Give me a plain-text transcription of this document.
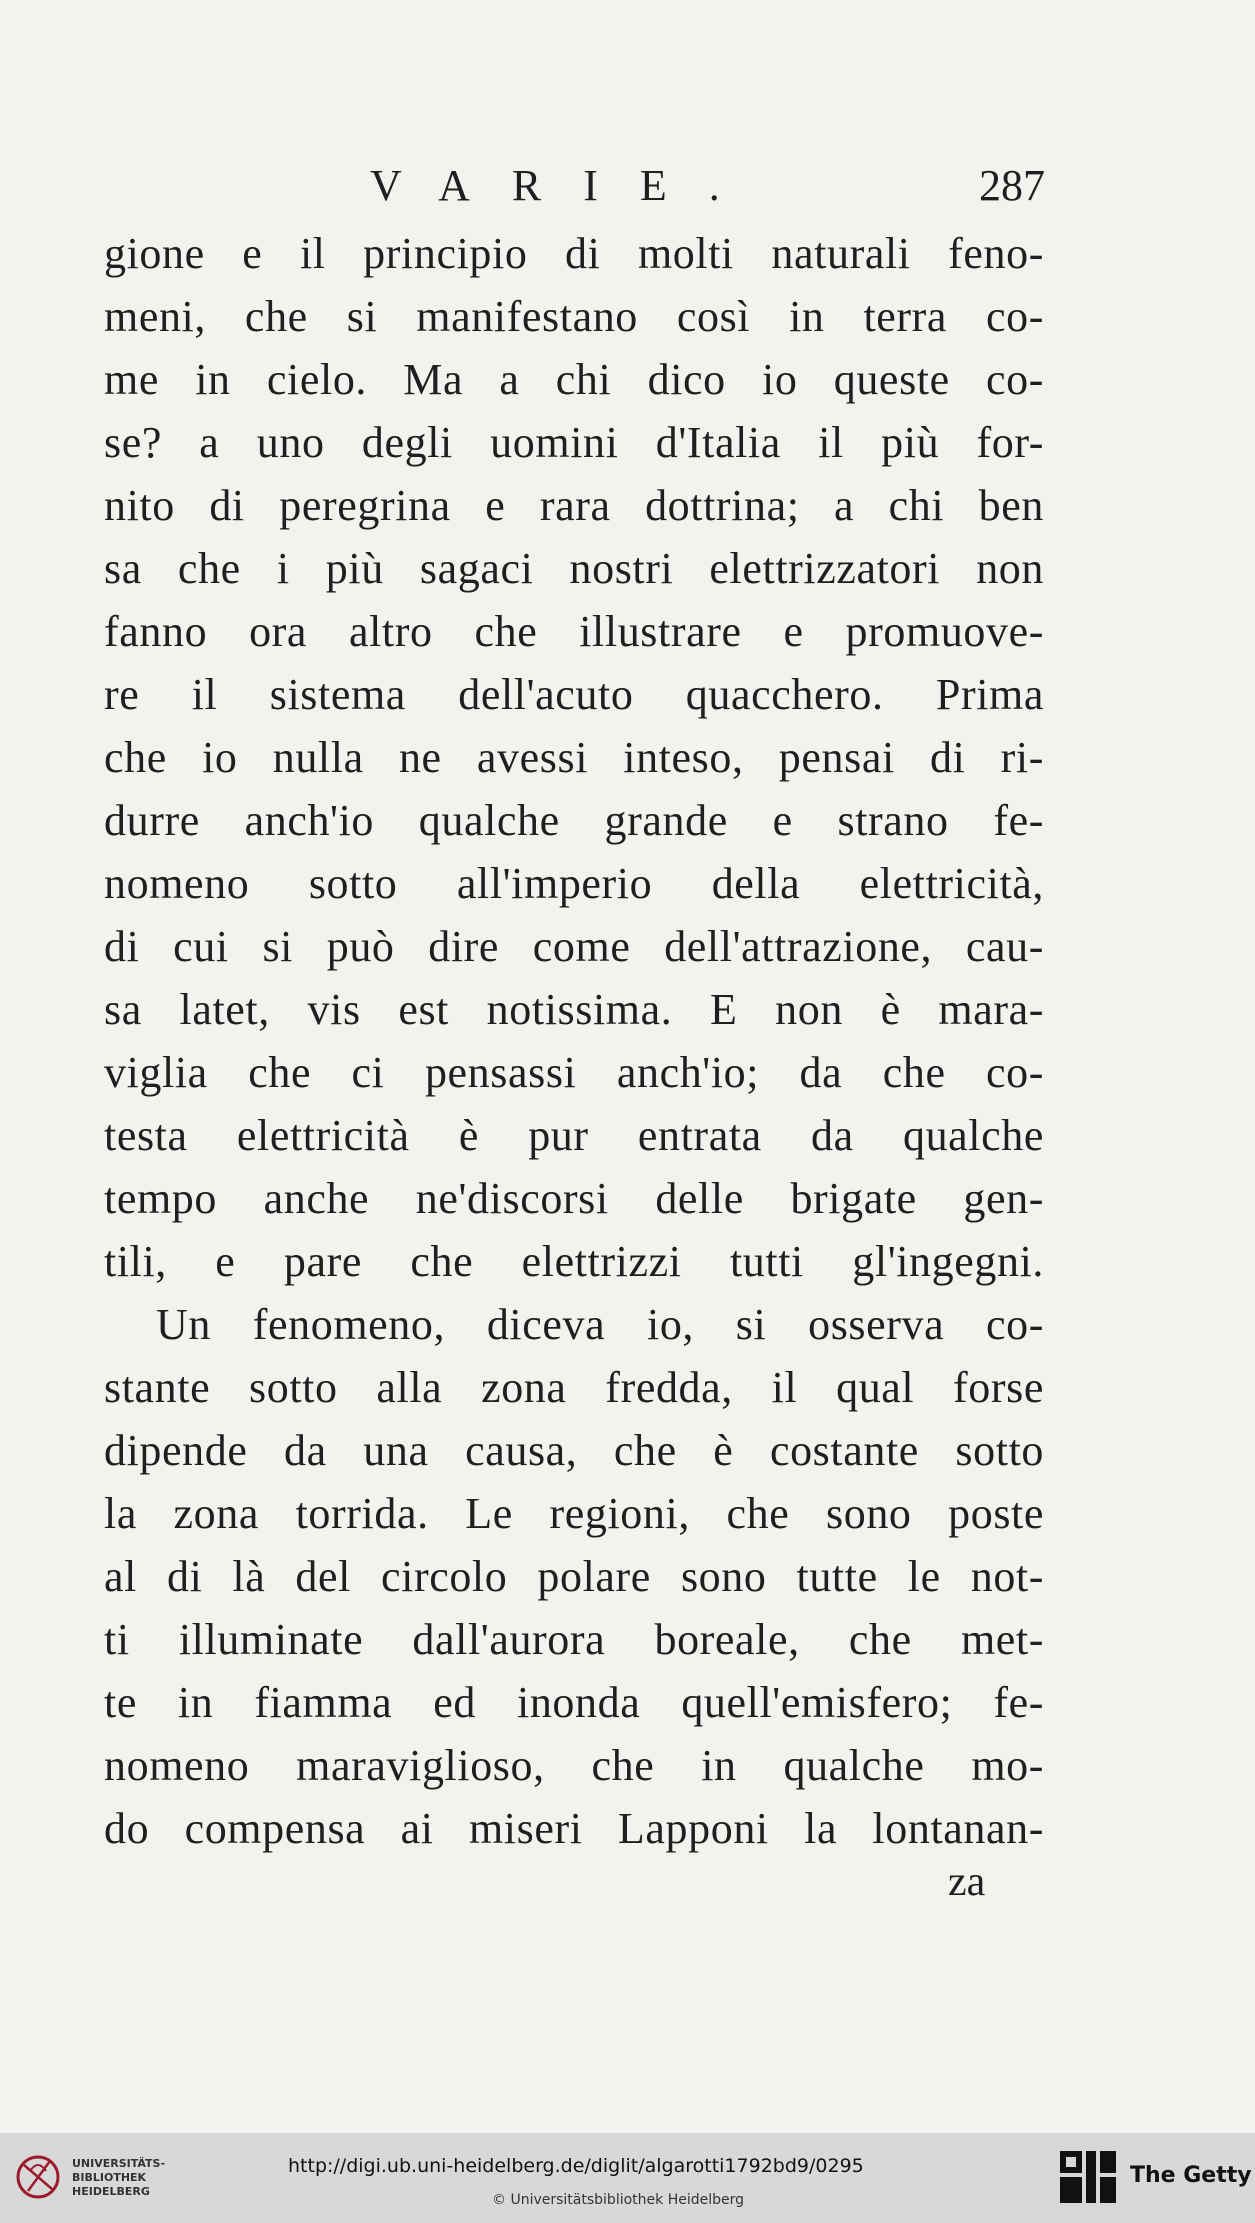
VARIE.	287
gione e il principio di molti naturali feno-
meni, che si manifestano così in terra co-
me in cielo. Ma a chi dico io queste co-
se? a uno degli uomini d'Italia il più for-
nito di peregrina e rara dottrina; a chi ben
sa che i più sagaci nostri elettrizzatori non
fanno ora altro che illustrare e promuove-
re il sistema dell'acuto quacchero. Prima
che io nulla ne avessi inteso, pensai di ri-
durre anch'io qualche grande e strano fe-
nomeno sotto all'imperio della elettricità,
di cui si può dire come dell'attrazione, cau-
sa latet, vis est notissima. E non è mara-
viglia che ci pensassi anch'io; da che co-
testa elettricità è pur entrata da qualche
tempo anche ne'discorsi delle brigate gen-
tili, e pare che elettrizzi tutti gl'ingegni.
Un fenomeno, diceva io, si osserva co-
stante sotto alla zona fredda, il qual forse
dipende da una causa, che è costante sotto
la zona torrida. Le regioni, che sono poste
al di là del circolo polare sono tutte le not-
ti illuminate dall'aurora boreale, che met-
te in fiamma ed inonda quell'emisfero; fe-
nomeno maraviglioso, che in qualche mo-
do compensa ai miseri Lapponi la lontanan-
za
UNIVERSITÄTS-
BIBLIOTHEK
HEIDELBERG
http://digi.ub.uni-heidelberg.de/diglit/algarotti1792bd9/0295
© Universitätsbibliothek Heidelberg
The Getty
